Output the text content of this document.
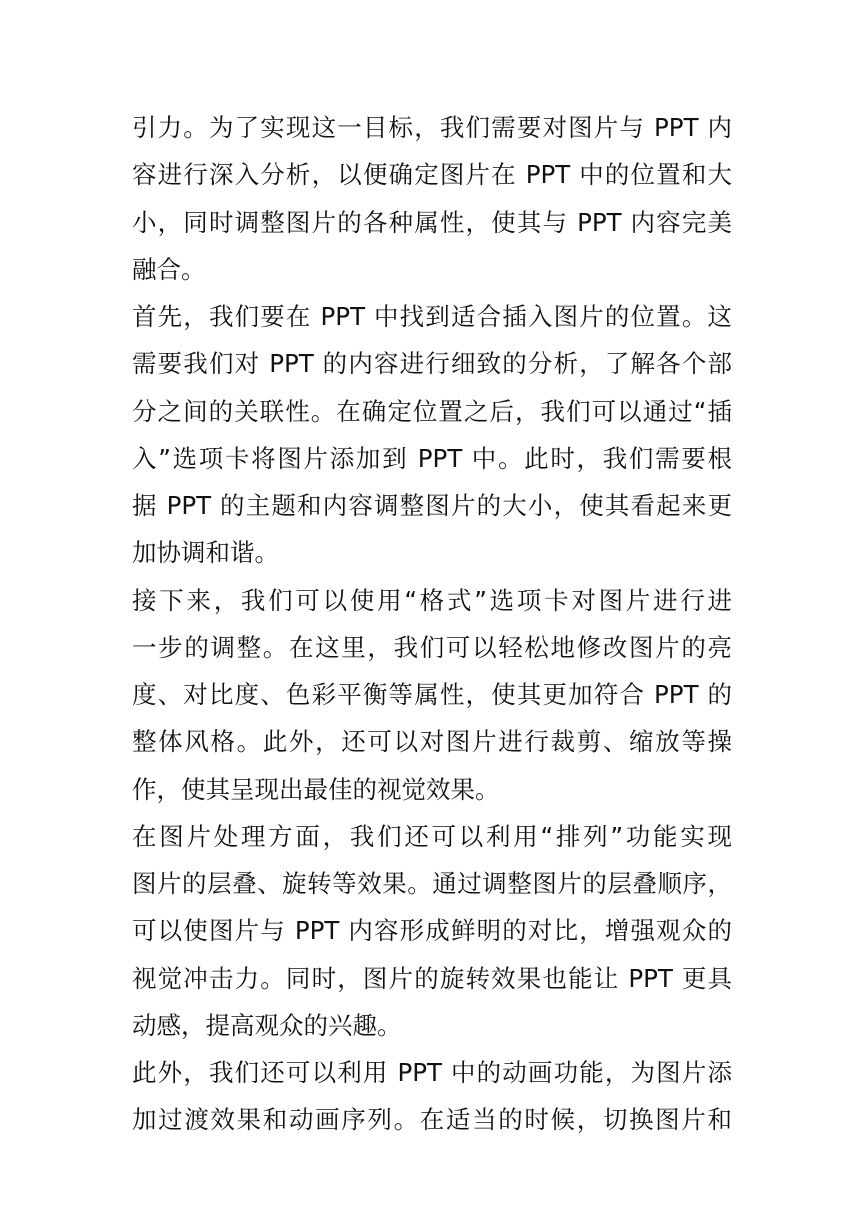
引力。为了实现这一目标，我们需要对图片与 PPT 内
容进行深入分析，以便确定图片在 PPT 中的位置和大
小，同时调整图片的各种属性，使其与 PPT 内容完美
融合。
首先，我们要在 PPT 中找到适合插入图片的位置。这
需要我们对 PPT 的内容进行细致的分析，了解各个部
分之间的关联性。在确定位置之后，我们可以通过“插
入”选项卡将图片添加到 PPT 中。此时，我们需要根
据 PPT 的主题和内容调整图片的大小，使其看起来更
加协调和谐。
接下来，我们可以使用“格式”选项卡对图片进行进
一步的调整。在这里，我们可以轻松地修改图片的亮
度、对比度、色彩平衡等属性，使其更加符合 PPT 的
整体风格。此外，还可以对图片进行裁剪、缩放等操
作，使其呈现出最佳的视觉效果。
在图片处理方面，我们还可以利用“排列”功能实现
图片的层叠、旋转等效果。通过调整图片的层叠顺序，
可以使图片与 PPT 内容形成鲜明的对比，增强观众的
视觉冲击力。同时，图片的旋转效果也能让 PPT 更具
动感，提高观众的兴趣。
此外，我们还可以利用 PPT 中的动画功能，为图片添
加过渡效果和动画序列。在适当的时候，切换图片和
